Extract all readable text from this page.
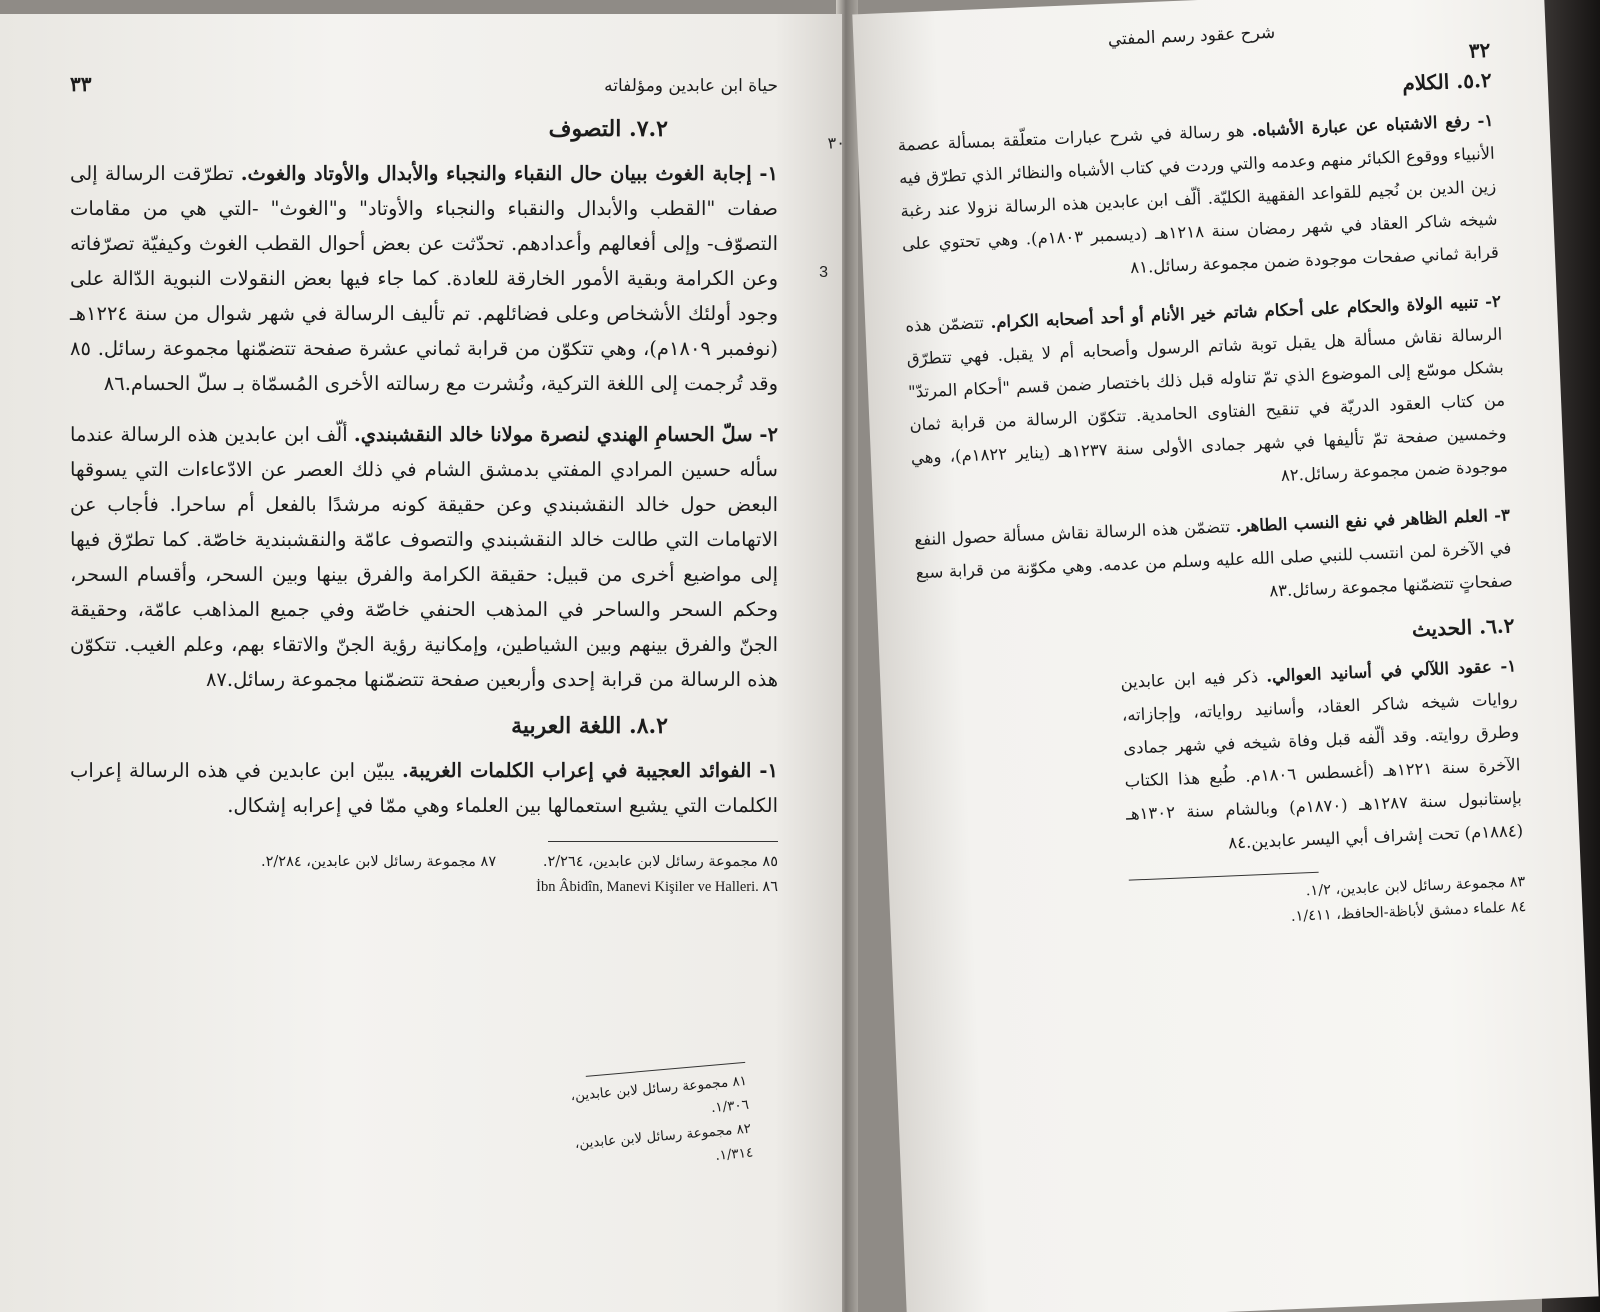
حياة ابن عابدين ومؤلفاته
٣٣
3
٧.٢. التصوف

١- إجابة الغوث ببيان حال النقباء والنجباء والأبدال والأوتاد والغوث. تطرّقت الرسالة إلى صفات "القطب والأبدال والنقباء والنجباء والأوتاد" و"الغوث" -التي هي من مقامات التصوّف- وإلى أفعالهم وأعدادهم. تحدّثت عن بعض أحوال القطب الغوث وكيفيّة تصرّفاته وعن الكرامة وبقية الأمور الخارقة للعادة. كما جاء فيها بعض النقولات النبوية الدّالة على وجود أولئك الأشخاص وعلى فضائلهم. تم تأليف الرسالة في شهر شوال من سنة ١٢٢٤هـ (نوفمبر ١٨٠٩م)، وهي تتكوّن من قرابة ثماني عشرة صفحة تتضمّنها مجموعة رسائل. ٨٥ وقد تُرجمت إلى اللغة التركية، ونُشرت مع رسالته الأخرى المُسمّاة بـ سلّ الحسام.٨٦

٢- سلّ الحسامِ الهندي لنصرة مولانا خالد النقشبندي. ألّف ابن عابدين هذه الرسالة عندما سأله حسين المرادي المفتي بدمشق الشام في ذلك العصر عن الادّعاءات التي يسوقها البعض حول خالد النقشبندي وعن حقيقة كونه مرشدًا بالفعل أم ساحرا. فأجاب عن الاتهامات التي طالت خالد النقشبندي والتصوف عامّة والنقشبندية خاصّة. كما تطرّق فيها إلى مواضيع أخرى من قبيل: حقيقة الكرامة والفرق بينها وبين السحر، وأقسام السحر، وحكم السحر والساحر في المذهب الحنفي خاصّة وفي جميع المذاهب عامّة، وحقيقة الجنّ والفرق بينهم وبين الشياطين، وإمكانية رؤية الجنّ والاتقاء بهم، وعلم الغيب. تتكوّن هذه الرسالة من قرابة إحدى وأربعين صفحة تتضمّنها مجموعة رسائل.٨٧

٨.٢. اللغة العربية

١- الفوائد العجيبة في إعراب الكلمات الغريبة. يبيّن ابن عابدين في هذه الرسالة إعراب الكلمات التي يشيع استعمالها بين العلماء وهي ممّا في إعرابه إشكال.

٨٥ مجموعة رسائل لابن عابدين، ٢/٢٦٤.
İbn Âbidîn, Manevi Kişiler ve Halleri. ٨٦
٨٧ مجموعة رسائل لابن عابدين، ٢/٢٨٤.
شرح عقود رسم المفتي
٣٢
٣٠
٥.٢. الكلام

١- رفع الاشتباه عن عبارة الأشباه. هو رسالة في شرح عبارات متعلّقة بمسألة عصمة الأنبياء ووقوع الكبائر منهم وعدمه والتي وردت في كتاب الأشباه والنظائر الذي تطرّق فيه زين الدين بن نُجيم للقواعد الفقهية الكليّة. ألّف ابن عابدين هذه الرسالة نزولا عند رغبة شيخه شاكر العقاد في شهر رمضان سنة ١٢١٨هـ (ديسمبر ١٨٠٣م). وهي تحتوي على قرابة ثماني صفحات موجودة ضمن مجموعة رسائل.٨١

٢- تنبيه الولاة والحكام على أحكام شاتم خير الأنام أو أحد أصحابه الكرام. تتضمّن هذه الرسالة نقاش مسألة هل يقبل توبة شاتم الرسول وأصحابه أم لا يقبل. فهي تتطرّق بشكل موسّع إلى الموضوع الذي تمّ تناوله قبل ذلك باختصار ضمن قسم "أحكام المرتدّ" من كتاب العقود الدريّة في تنقيح الفتاوى الحامدية. تتكوّن الرسالة من قرابة ثمان وخمسين صفحة تمّ تأليفها في شهر جمادى الأولى سنة ١٢٣٧هـ (يناير ١٨٢٢م)، وهي موجودة ضمن مجموعة رسائل.٨٢

٣- العلم الظاهر في نفع النسب الطاهر. تتضمّن هذه الرسالة نقاش مسألة حصول النفع في الآخرة لمن انتسب للنبي صلى الله عليه وسلم من عدمه. وهي مكوّنة من قرابة سبع صفحاتٍ تتضمّنها مجموعة رسائل.٨٣

٦.٢. الحديث

١- عقود اللآلي في أسانيد العوالي. ذكر فيه ابن عابدين روايات شيخه شاكر العقاد، وأسانيد رواياته، وإجازاته، وطرق روايته. وقد ألّفه قبل وفاة شيخه في شهر جمادى الآخرة سنة ١٢٢١هـ (أغسطس ١٨٠٦م. طُبع هذا الكتاب بإستانبول سنة ١٢٨٧هـ (١٨٧٠م) وبالشام سنة ١٣٠٢هـ (١٨٨٤م) تحت إشراف أبي اليسر عابدين.٨٤

٨٣ مجموعة رسائل لابن عابدين، ١/٢.
٨٤ علماء دمشق لأباظة-الحافظ، ١/٤١١.
٨١ مجموعة رسائل لابن عابدين، ١/٣٠٦.
٨٢ مجموعة رسائل لابن عابدين، ١/٣١٤.
